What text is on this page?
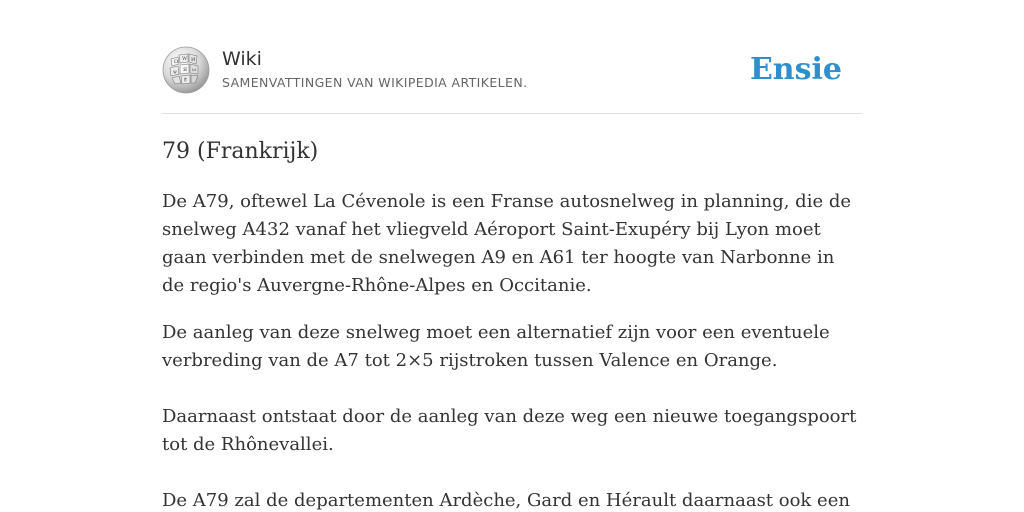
Ω W И
ψ Я ω
ह
Wiki
SAMENVATTINGEN VAN WIKIPEDIA ARTIKELEN.	Ensie
79 (Frankrijk)

De A79, oftewel La Cévenole is een Franse autosnelweg in planning, die de snelweg A432 vanaf het vliegveld Aéroport Saint-Exupéry bij Lyon moet gaan verbinden met de snelwegen A9 en A61 ter hoogte van Narbonne in de regio's Auvergne-Rhône-Alpes en Occitanie.

De aanleg van deze snelweg moet een alternatief zijn voor een eventuele verbreding van de A7 tot 2×5 rijstroken tussen Valence en Orange.

Daarnaast ontstaat door de aanleg van deze weg een nieuwe toegangspoort tot de Rhônevallei.

De A79 zal de departementen Ardèche, Gard en Hérault daarnaast ook een
